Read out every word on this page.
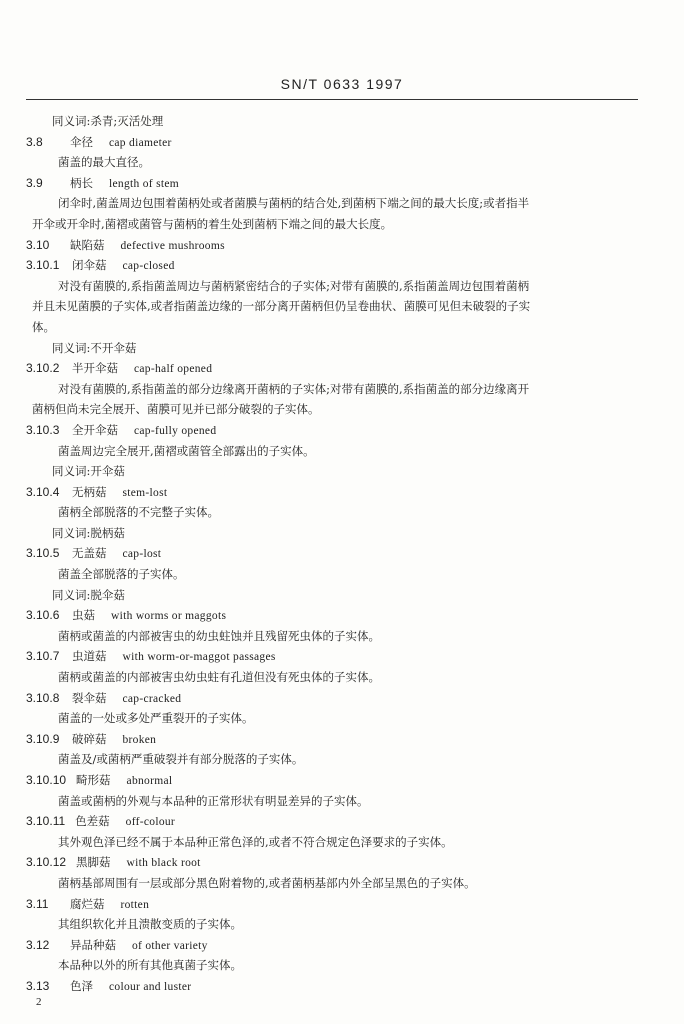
SN/T 0633 1997
同义词:杀青;灭活处理
3.8 伞径 cap diameter
菌盖的最大直径。
3.9 柄长 length of stem
闭伞时,菌盖周边包围着菌柄处或者菌膜与菌柄的结合处,到菌柄下端之间的最大长度;或者指半
开伞或开伞时,菌褶或菌管与菌柄的着生处到菌柄下端之间的最大长度。
3.10 缺陷菇 defective mushrooms
3.10.1 闭伞菇 cap-closed
对没有菌膜的,系指菌盖周边与菌柄紧密结合的子实体;对带有菌膜的,系指菌盖周边包围着菌柄
并且未见菌膜的子实体,或者指菌盖边缘的一部分离开菌柄但仍呈卷曲状、菌膜可见但未破裂的子实
体。
同义词:不开伞菇
3.10.2 半开伞菇 cap-half opened
对没有菌膜的,系指菌盖的部分边缘离开菌柄的子实体;对带有菌膜的,系指菌盖的部分边缘离开
菌柄但尚未完全展开、菌膜可见并已部分破裂的子实体。
3.10.3 全开伞菇 cap-fully opened
菌盖周边完全展开,菌褶或菌管全部露出的子实体。
同义词:开伞菇
3.10.4 无柄菇 stem-lost
菌柄全部脱落的不完整子实体。
同义词:脱柄菇
3.10.5 无盖菇 cap-lost
菌盖全部脱落的子实体。
同义词:脱伞菇
3.10.6 虫菇 with worms or maggots
菌柄或菌盖的内部被害虫的幼虫蛀蚀并且残留死虫体的子实体。
3.10.7 虫道菇 with worm-or-maggot passages
菌柄或菌盖的内部被害虫幼虫蛀有孔道但没有死虫体的子实体。
3.10.8 裂伞菇 cap-cracked
菌盖的一处或多处严重裂开的子实体。
3.10.9 破碎菇 broken
菌盖及/或菌柄严重破裂并有部分脱落的子实体。
3.10.10 畸形菇 abnormal
菌盖或菌柄的外观与本品种的正常形状有明显差异的子实体。
3.10.11 色差菇 off-colour
其外观色泽已经不属于本品种正常色泽的,或者不符合规定色泽要求的子实体。
3.10.12 黑脚菇 with black root
菌柄基部周围有一层或部分黑色附着物的,或者菌柄基部内外全部呈黑色的子实体。
3.11 腐烂菇 rotten
其组织软化并且溃散变质的子实体。
3.12 异品种菇 of other variety
本品种以外的所有其他真菌子实体。
3.13 色泽 colour and luster
2
